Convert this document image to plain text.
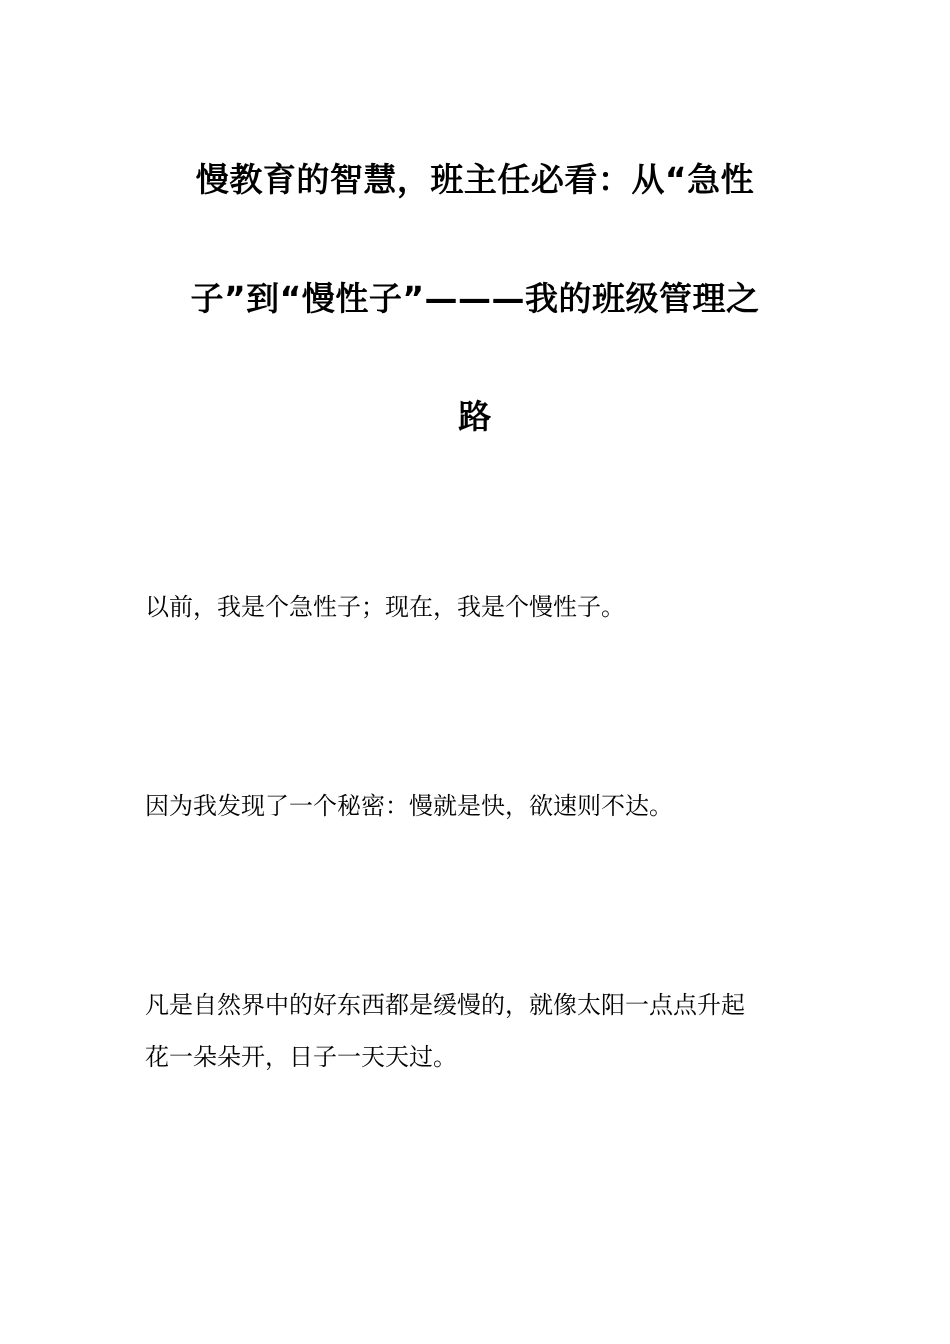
慢教育的智慧，班主任必看：从“急性
子”到“慢性子”———我的班级管理之
路
以前，我是个急性子；现在，我是个慢性子。
因为我发现了一个秘密：慢就是快，欲速则不达。
凡是自然界中的好东西都是缓慢的，就像太阳一点点升起
花一朵朵开，日子一天天过。
